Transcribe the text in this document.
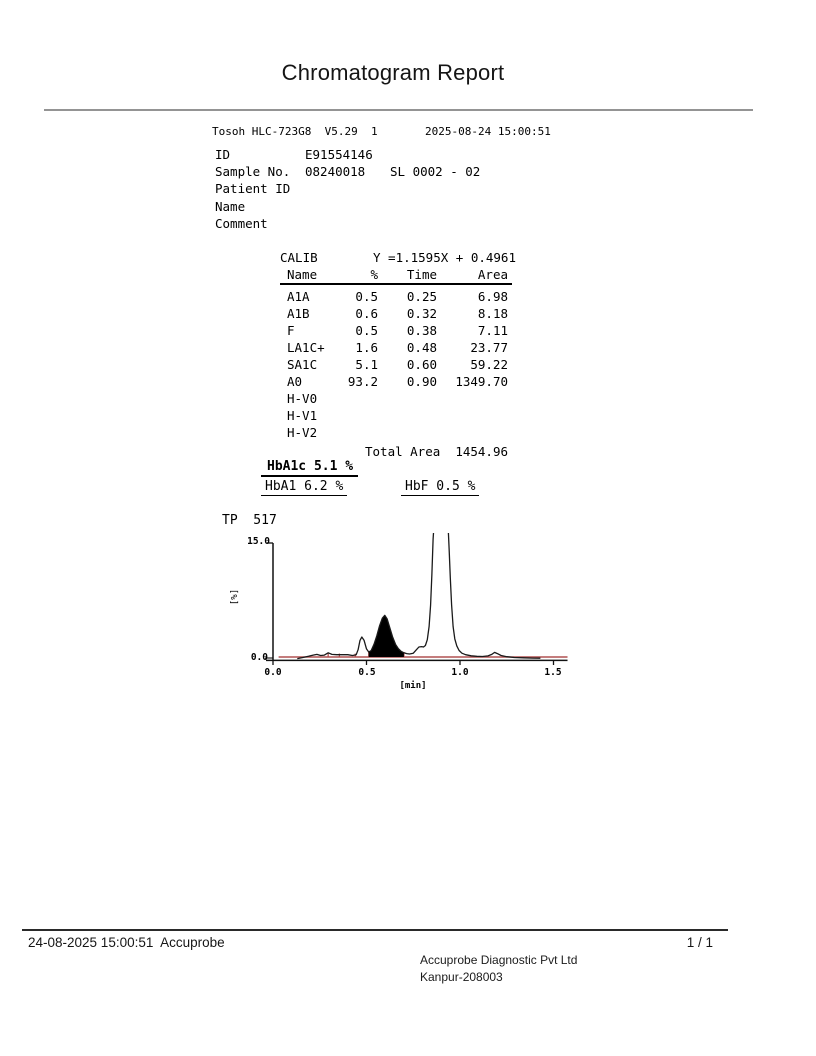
Chromatogram Report
Tosoh HLC-723G8  V5.29  1	2025-08-24 15:00:51
ID	E91554146
Sample No. 08240018 SL 0002 - 02
Patient ID
Name
Comment
CALIB	Y =1.1595X + 0.4961
Name	%	Time	Area
A1A	0.5	0.25	6.98
A1B	0.6	0.32	8.18
F	0.5	0.38	7.11
LA1C+	1.6	0.48	23.77
SA1C	5.1	0.60	59.22
A0	93.2	0.90	1349.70
H-V0
H-V1
H-V2
Total Area	1454.96
HbA1c 5.1 %
HbA1 6.2 %	HbF 0.5 %
TP  517
15.0
0.0
0.0	0.5	1.0	1.5
[min]
[%]
24-08-2025 15:00:51  Accuprobe	1 / 1
Accuprobe Diagnostic Pvt Ltd
Kanpur-208003
